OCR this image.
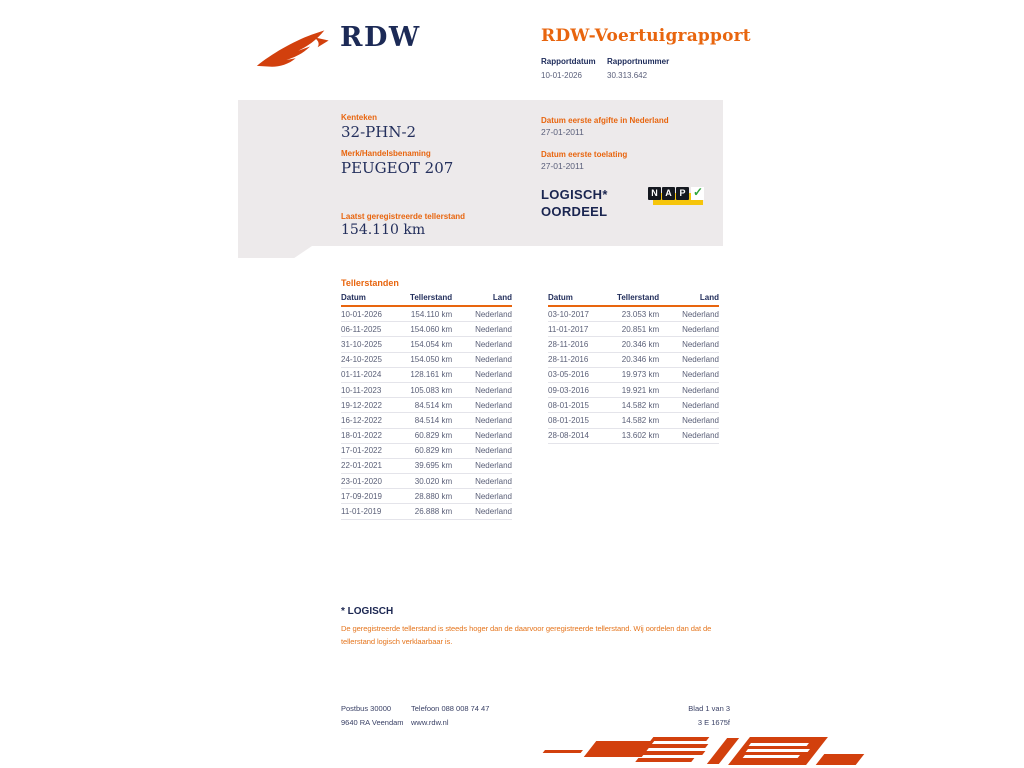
RDW	RDW-Voertuigrapport
Rapportdatum
10-01-2026
Rapportnummer
30.313.642
Kenteken
32-PHN-2
Merk/Handelsbenaming
PEUGEOT 207
Laatst geregistreerde tellerstand
154.110 km
Datum eerste afgifte in Nederland
27-01-2011
Datum eerste toelating
27-01-2011
LOGISCH*
OORDEEL
N A P ✓
Tellerstanden
Datum	Tellerstand	Land
10-01-2026	154.110 km	Nederland
06-11-2025	154.060 km	Nederland
31-10-2025	154.054 km	Nederland
24-10-2025	154.050 km	Nederland
01-11-2024	128.161 km	Nederland
10-11-2023	105.083 km	Nederland
19-12-2022	84.514 km	Nederland
16-12-2022	84.514 km	Nederland
18-01-2022	60.829 km	Nederland
17-01-2022	60.829 km	Nederland
22-01-2021	39.695 km	Nederland
23-01-2020	30.020 km	Nederland
17-09-2019	28.880 km	Nederland
11-01-2019	26.888 km	Nederland
Datum	Tellerstand	Land
03-10-2017	23.053 km	Nederland
11-01-2017	20.851 km	Nederland
28-11-2016	20.346 km	Nederland
28-11-2016	20.346 km	Nederland
03-05-2016	19.973 km	Nederland
09-03-2016	19.921 km	Nederland
08-01-2015	14.582 km	Nederland
08-01-2015	14.582 km	Nederland
28-08-2014	13.602 km	Nederland
* LOGISCH
De geregistreerde tellerstand is steeds hoger dan de daarvoor geregistreerde tellerstand. Wij oordelen dan dat de tellerstand logisch verklaarbaar is.
Postbus 30000
9640 RA Veendam
Telefoon 088 008 74 47
www.rdw.nl
Blad 1 van 3
3 E 1675f
